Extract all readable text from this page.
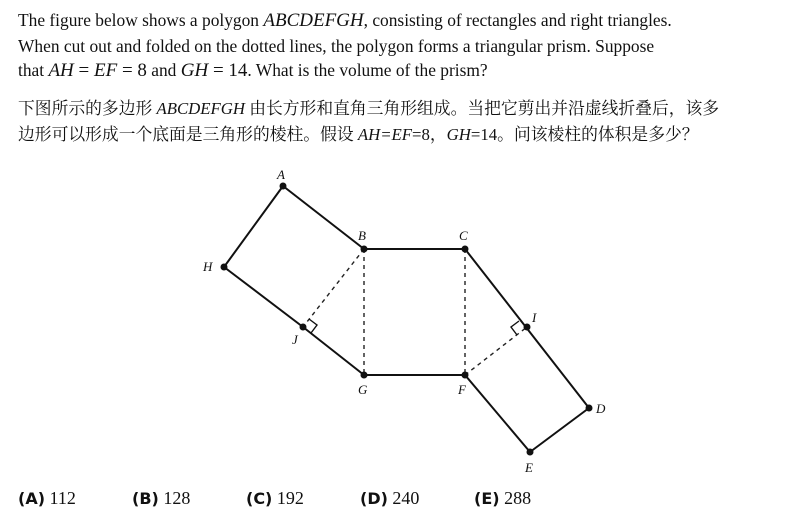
The figure below shows a polygon ABCDEFGH, consisting of rectangles and right triangles.
When cut out and folded on the dotted lines, the polygon forms a triangular prism. Suppose
that AH = EF = 8 and GH = 14. What is the volume of the prism?
下图所示的多边形 ABCDEFGH 由长方形和直角三角形组成。当把它剪出并沿虚线折叠后，该多
边形可以形成一个底面是三角形的棱柱。假设 AH=EF=8，GH=14。问该棱柱的体积是多少？
A
B	C
D
E
F
G
H
I
J
(A) 112	(B) 128	(C) 192	(D) 240	(E) 288
